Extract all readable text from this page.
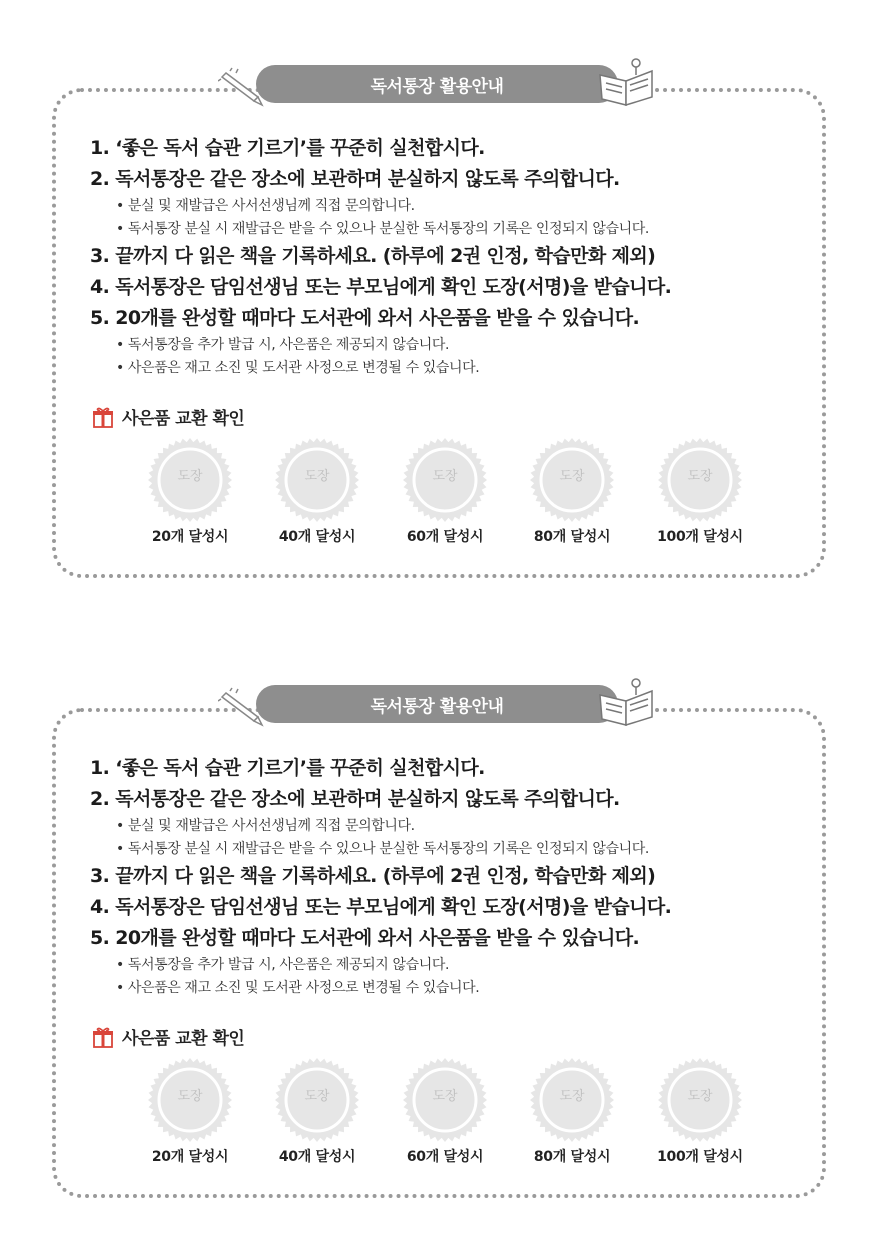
독서통장 활용안내
1. ‘좋은 독서 습관 기르기’를 꾸준히 실천합시다.
2. 독서통장은 같은 장소에 보관하며 분실하지 않도록 주의합니다.
• 분실 및 재발급은 사서선생님께 직접 문의합니다.
• 독서통장 분실 시 재발급은 받을 수 있으나 분실한 독서통장의 기록은 인정되지 않습니다.
3. 끝까지 다 읽은 책을 기록하세요. (하루에 2권 인정, 학습만화 제외)
4. 독서통장은 담임선생님 또는 부모님에게 확인 도장(서명)을 받습니다.
5. 20개를 완성할 때마다 도서관에 와서 사은품을 받을 수 있습니다.
• 독서통장을 추가 발급 시, 사은품은 제공되지 않습니다.
• 사은품은 재고 소진 및 도서관 사정으로 변경될 수 있습니다.
사은품 교환 확인
도장
20개 달성시
도장
40개 달성시
도장
60개 달성시
도장
80개 달성시
도장
100개 달성시
독서통장 활용안내
1. ‘좋은 독서 습관 기르기’를 꾸준히 실천합시다.
2. 독서통장은 같은 장소에 보관하며 분실하지 않도록 주의합니다.
• 분실 및 재발급은 사서선생님께 직접 문의합니다.
• 독서통장 분실 시 재발급은 받을 수 있으나 분실한 독서통장의 기록은 인정되지 않습니다.
3. 끝까지 다 읽은 책을 기록하세요. (하루에 2권 인정, 학습만화 제외)
4. 독서통장은 담임선생님 또는 부모님에게 확인 도장(서명)을 받습니다.
5. 20개를 완성할 때마다 도서관에 와서 사은품을 받을 수 있습니다.
• 독서통장을 추가 발급 시, 사은품은 제공되지 않습니다.
• 사은품은 재고 소진 및 도서관 사정으로 변경될 수 있습니다.
사은품 교환 확인
도장
20개 달성시
도장
40개 달성시
도장
60개 달성시
도장
80개 달성시
도장
100개 달성시
